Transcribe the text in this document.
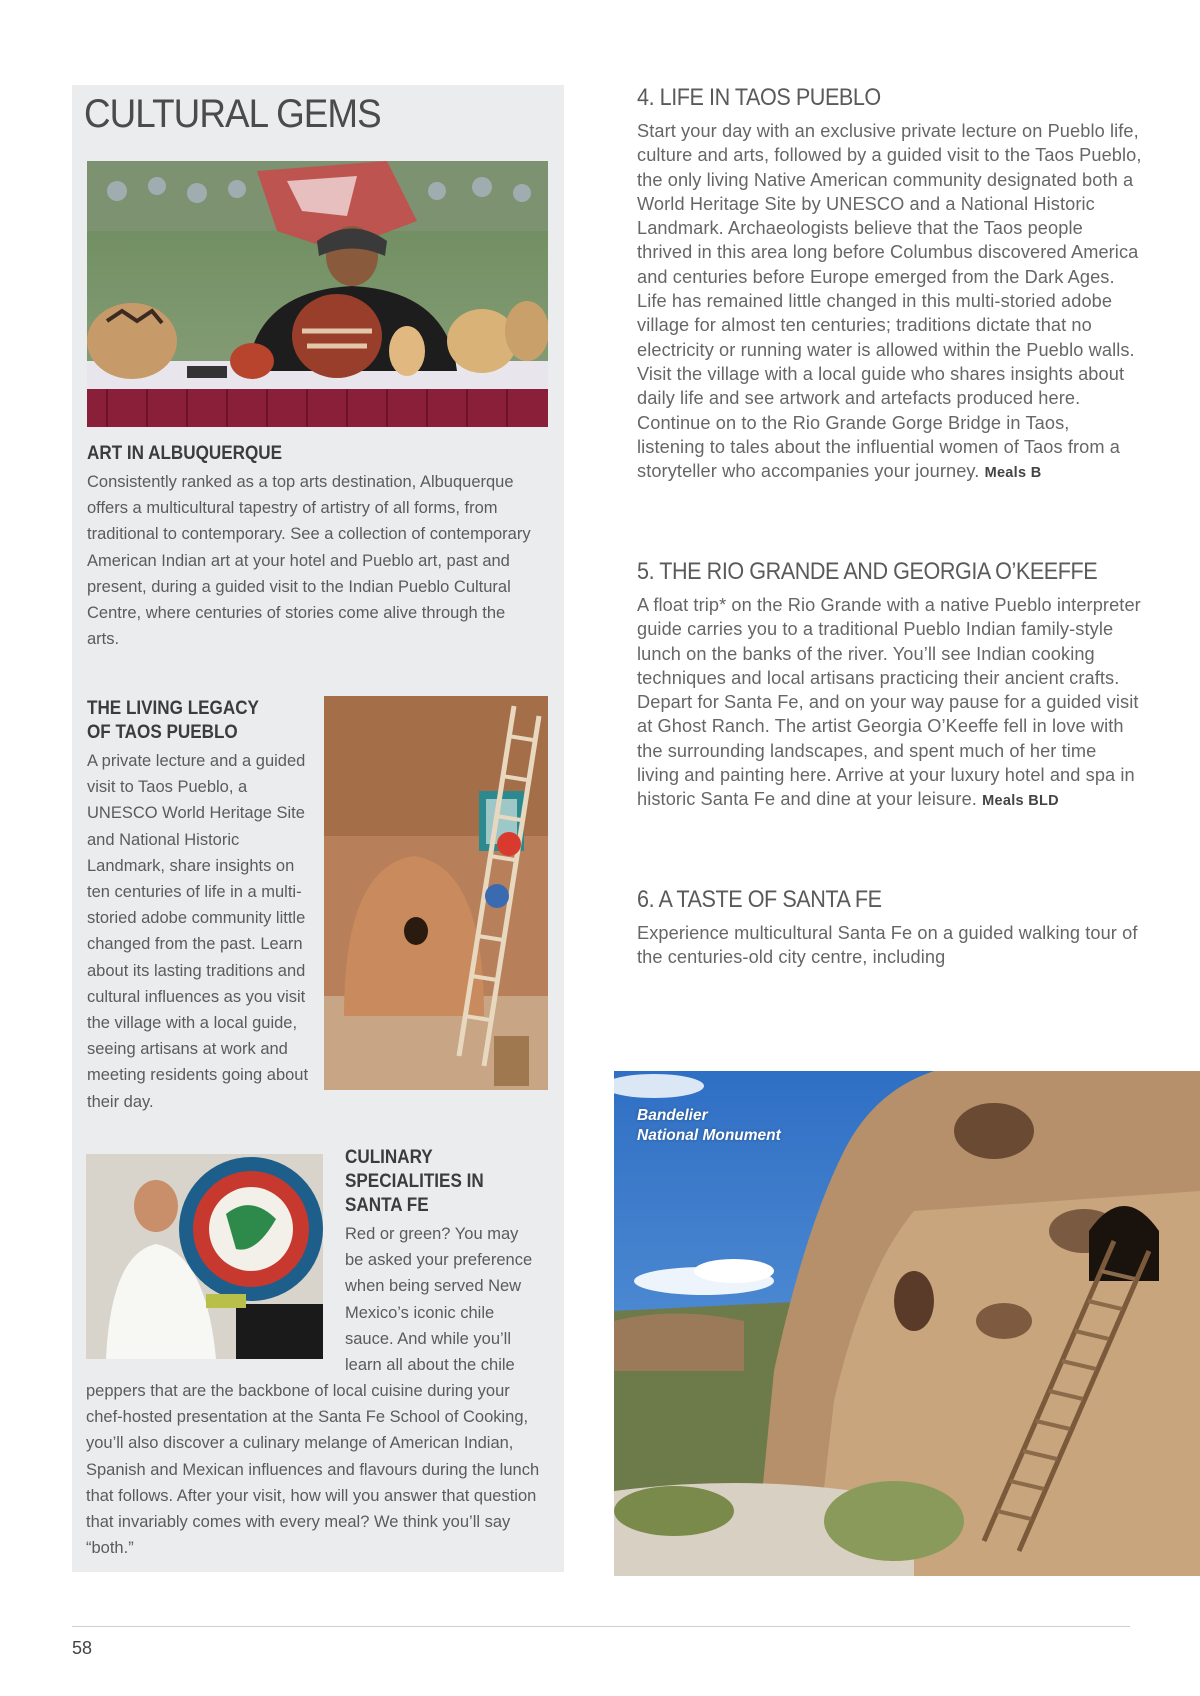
CULTURAL GEMS
ART IN ALBUQUERQUE

Consistently ranked as a top arts destination, Albuquerque offers a multicultural tapestry of artistry of all forms, from traditional to contemporary. See a collection of contemporary American Indian art at your hotel and Pueblo art, past and present, during a guided visit to the Indian Pueblo Cultural Centre, where centuries of stories come alive through the arts.

THE LIVING LEGACY OF TAOS PUEBLO

A private lecture and a guided visit to Taos Pueblo, a UNESCO World Heritage Site and National Historic Landmark, share insights on ten centuries of life in a multi-storied adobe community little changed from the past. Learn about its lasting traditions and cultural influences as you visit the village with a local guide, seeing artisans at work and meeting residents going about their day.

CULINARY SPECIALITIES IN SANTA FE

Red or green? You may be asked your preference when being served New Mexico’s iconic chile sauce. And while you’ll learn all about the chile

peppers that are the backbone of local cuisine during your chef-hosted presentation at the Santa Fe School of Cooking, you’ll also discover a culinary melange of American Indian, Spanish and Mexican influences and flavours during the lunch that follows. After your visit, how will you answer that question that invariably comes with every meal? We think you’ll say “both.”

4. LIFE IN TAOS PUEBLO

Start your day with an exclusive private lecture on Pueblo life, culture and arts, followed by a guided visit to the Taos Pueblo, the only living Native American community designated both a World Heritage Site by UNESCO and a National Historic Landmark. Archaeologists believe that the Taos people thrived in this area long before Columbus discovered America and centuries before Europe emerged from the Dark Ages. Life has remained little changed in this multi-storied adobe village for almost ten centuries; traditions dictate that no electricity or running water is allowed within the Pueblo walls. Visit the village with a local guide who shares insights about daily life and see artwork and artefacts produced here. Continue on to the Rio Grande Gorge Bridge in Taos, listening to tales about the influential women of Taos from a storyteller who accompanies your journey. Meals B

5. THE RIO GRANDE AND GEORGIA O’KEEFFE

A float trip* on the Rio Grande with a native Pueblo interpreter guide carries you to a traditional Pueblo Indian family-style lunch on the banks of the river. You’ll see Indian cooking techniques and local artisans practicing their ancient crafts. Depart for Santa Fe, and on your way pause for a guided visit at Ghost Ranch. The artist Georgia O’Keeffe fell in love with the surrounding landscapes, and spent much of her time living and painting here. Arrive at your luxury hotel and spa in historic Santa Fe and dine at your leisure. Meals BLD

6. A TASTE OF SANTA FE

Experience multicultural Santa Fe on a guided walking tour of the centuries-old city centre, including

Bandelier
National Monument

58
